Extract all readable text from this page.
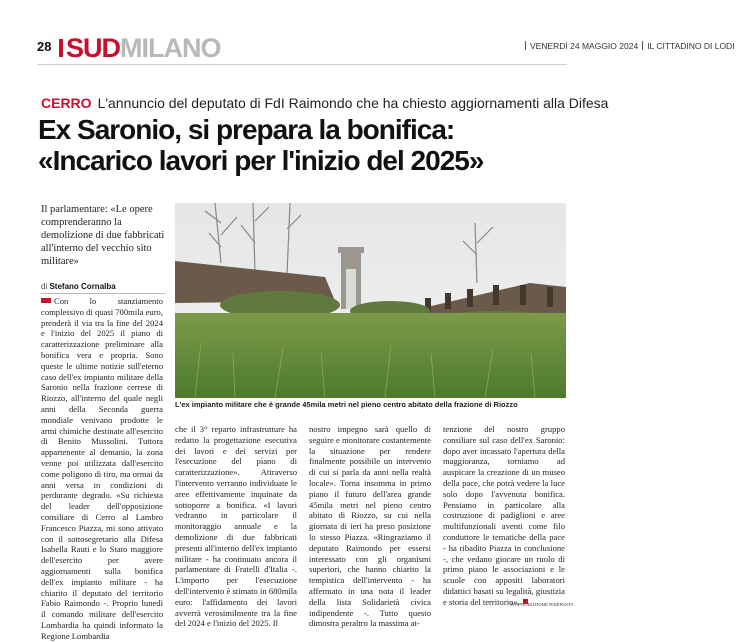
28 SUDMILANO	VENERDÌ 24 MAGGIO 2024 IL CITTADINO DI LODI
CERRO L'annuncio del deputato di FdI Raimondo che ha chiesto aggiornamenti alla Difesa
Ex Saronio, si prepara la bonifica:
«Incarico lavori per l'inizio del 2025»
Il parlamentare: «Le opere comprenderanno la demolizione di due fabbricati all'interno del vecchio sito militare»
di Stefano Cornalba
L'ex impianto militare che è grande 45mila metri nel pieno centro abitato della frazione di Riozzo
Con lo stanziamento complessivo di quasi 700mila euro, prenderà il via tra la fine del 2024 e l'inizio del 2025 il piano di caratterizzazione preliminare alla bonifica vera e propria. Sono queste le ultime notizie sull'eterno caso dell'ex impianto militare della Saronio nella frazione cerrese di Riozzo, all'interno del quale negli anni della Seconda guerra mondiale venivano prodotte le armi chimiche destinate all'esercito di Benito Mussolini. Tuttora appartenente al demanio, la zona venne poi utilizzata dall'esercito come poligono di tiro, ma ormai da anni versa in condizioni di perdurante degrado. «Su richiesta del leader dell'opposizione consiliare di Cerro al Lambro Francesco Piazza, mi sono attivato con il sottosegretario alla Difesa Isabella Rauti e lo Stato maggiore dell'esercito per avere aggiornamenti sulla bonifica dell'ex impianto militare - ha chiarito il deputato del territorio Fabio Raimondo -. Proprio lunedì il comando militare dell'esercito Lombardia ha quindi informato la Regione Lombardia
che il 3° reparto infrastrutture ha redatto la progettazione esecutiva dei lavori e dei servizi per l'esecuzione del piano di caratterizzazione». Attraverso l'intervento verranno individuate le aree effettivamente inquinate da sottoporre a bonifica. «I lavori vedranno in particolare il monitoraggio annuale e la demolizione di due fabbricati presenti all'interno dell'ex impianto militare - ha continuato ancora il parlamentare di Fratelli d'Italia -. L'importo per l'esecuzione dell'intervento è stimato in 680mila euro: l'affidamento dei lavori avverrà verosimilmente tra la fine del 2024 e l'inizio del 2025. Il
nostro impegno sarà quello di seguire e monitorare costantemente la situazione per rendere finalmente possibile un intervento di cui si parla da anni nella realtà locale». Torna insomma in primo piano il futuro dell'area grande 45mila metri nel pieno centro abitato di Riozzo, su cui nella giornata di ieri ha preso posizione lo stesso Piazza. «Ringraziamo il deputato Raimondo per essersi interessato con gli organismi superiori, che hanno chiarito la tempistica dell'intervento - ha affermato in una nota il leader della lista Solidarietà civica indipendente -. Tutto questo dimostra peraltro la massima at-
tenzione del nostro gruppo consiliare sul caso dell'ex Saronio: dopo aver incassato l'apertura della maggioranza, torniamo ad auspicare la creazione di un museo della pace, che potrà vedere la luce solo dopo l'avvenuta bonifica. Pensiamo in particolare alla costruzione di padiglioni e aree multifunzionali aventi come filo conduttore le tematiche della pace - ha ribadito Piazza in conclusione -, che vedano giocare un ruolo di primo piano le associazioni e le scuole con appositi laboratori didattici basati su legalità, giustizia e storia del territorio».
©RIPRODUZIONE RISERVATA
